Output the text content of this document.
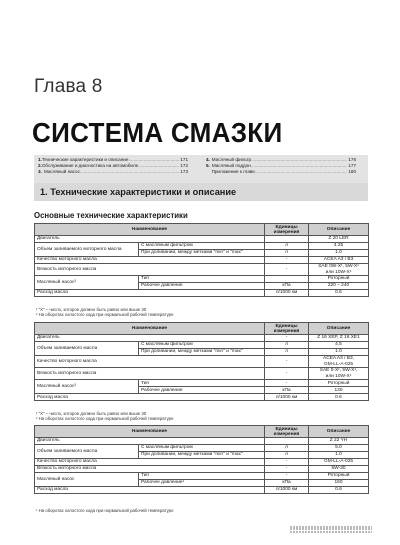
Глава 8
СИСТЕМА СМАЗКИ
1. Технические характеристики и описание .....	171
2. Обслуживание и диагностика на автомобиле .....	172
3. Масляный насос .....	173
4. Масляный фильтр .....	176
5. Масляный поддон .....	177
Приложение к главе .....	180
1. Технические характеристики и описание
Основные технические характеристики
Наименование		Единицы измерения	Описание
Двигатель			Z 20 LER
Объем заливаемого моторного масла	С масляным фильтром	л	4.25
	При доливании, между метками "min" и "max"	л	1.0
Качество моторного масла		-	ACEA A3 / B3
Вязкость моторного масла		-	SAE 0W-Х¹, 5W-Х¹
или 10W-Х¹
Масляный насос²	Тип		Роторный
	Рабочее давление	кПа	220 – 240
Расход масла		л/1000 км	0.6
¹ "Х" – число, которое должно быть равно или выше 30
² На оборотах холостого хода при нормальной рабочей температуре
Наименование		Единицы измерения	Описание
Двигатель		-	Z 16 XEP, Z 16 XE1
Объем заливаемого масла	С масляным фильтром	л	4.5
	При доливании, между метками "min" и "max"	л	1.0
Качество моторного масла		-	ACEA A3 / B3,
GM-LL-A-025
Вязкость моторного масла		-	SAE 0-Х¹, 5W-Х¹,
или 10W-Х¹
Масляный насос²	Тип	-	Роторный
	Рабочее давление	кПа	130
Расход масла		л/1000 км	0.6
¹ "Х" – число, которое должно быть равно или выше 30
² На оборотах холостого хода при нормальной рабочей температуре
Наименование		Единицы измерения	Описание
Двигатель			Z 22 YH
Объем заливаемого масла	С масляным фильтром	л	5.0
	При доливании, между метками "min" и "max"	л	1.0
Качество моторного масла		-	GM-LL-A-025
Вязкость моторного масла		-	5W-30
Масляный насос	Тип	-	Роторный
	Рабочее давление¹	кПа	150
Расход масла		л/1000 км	0.6
¹ На оборотах холостого хода при нормальной рабочей температуре
